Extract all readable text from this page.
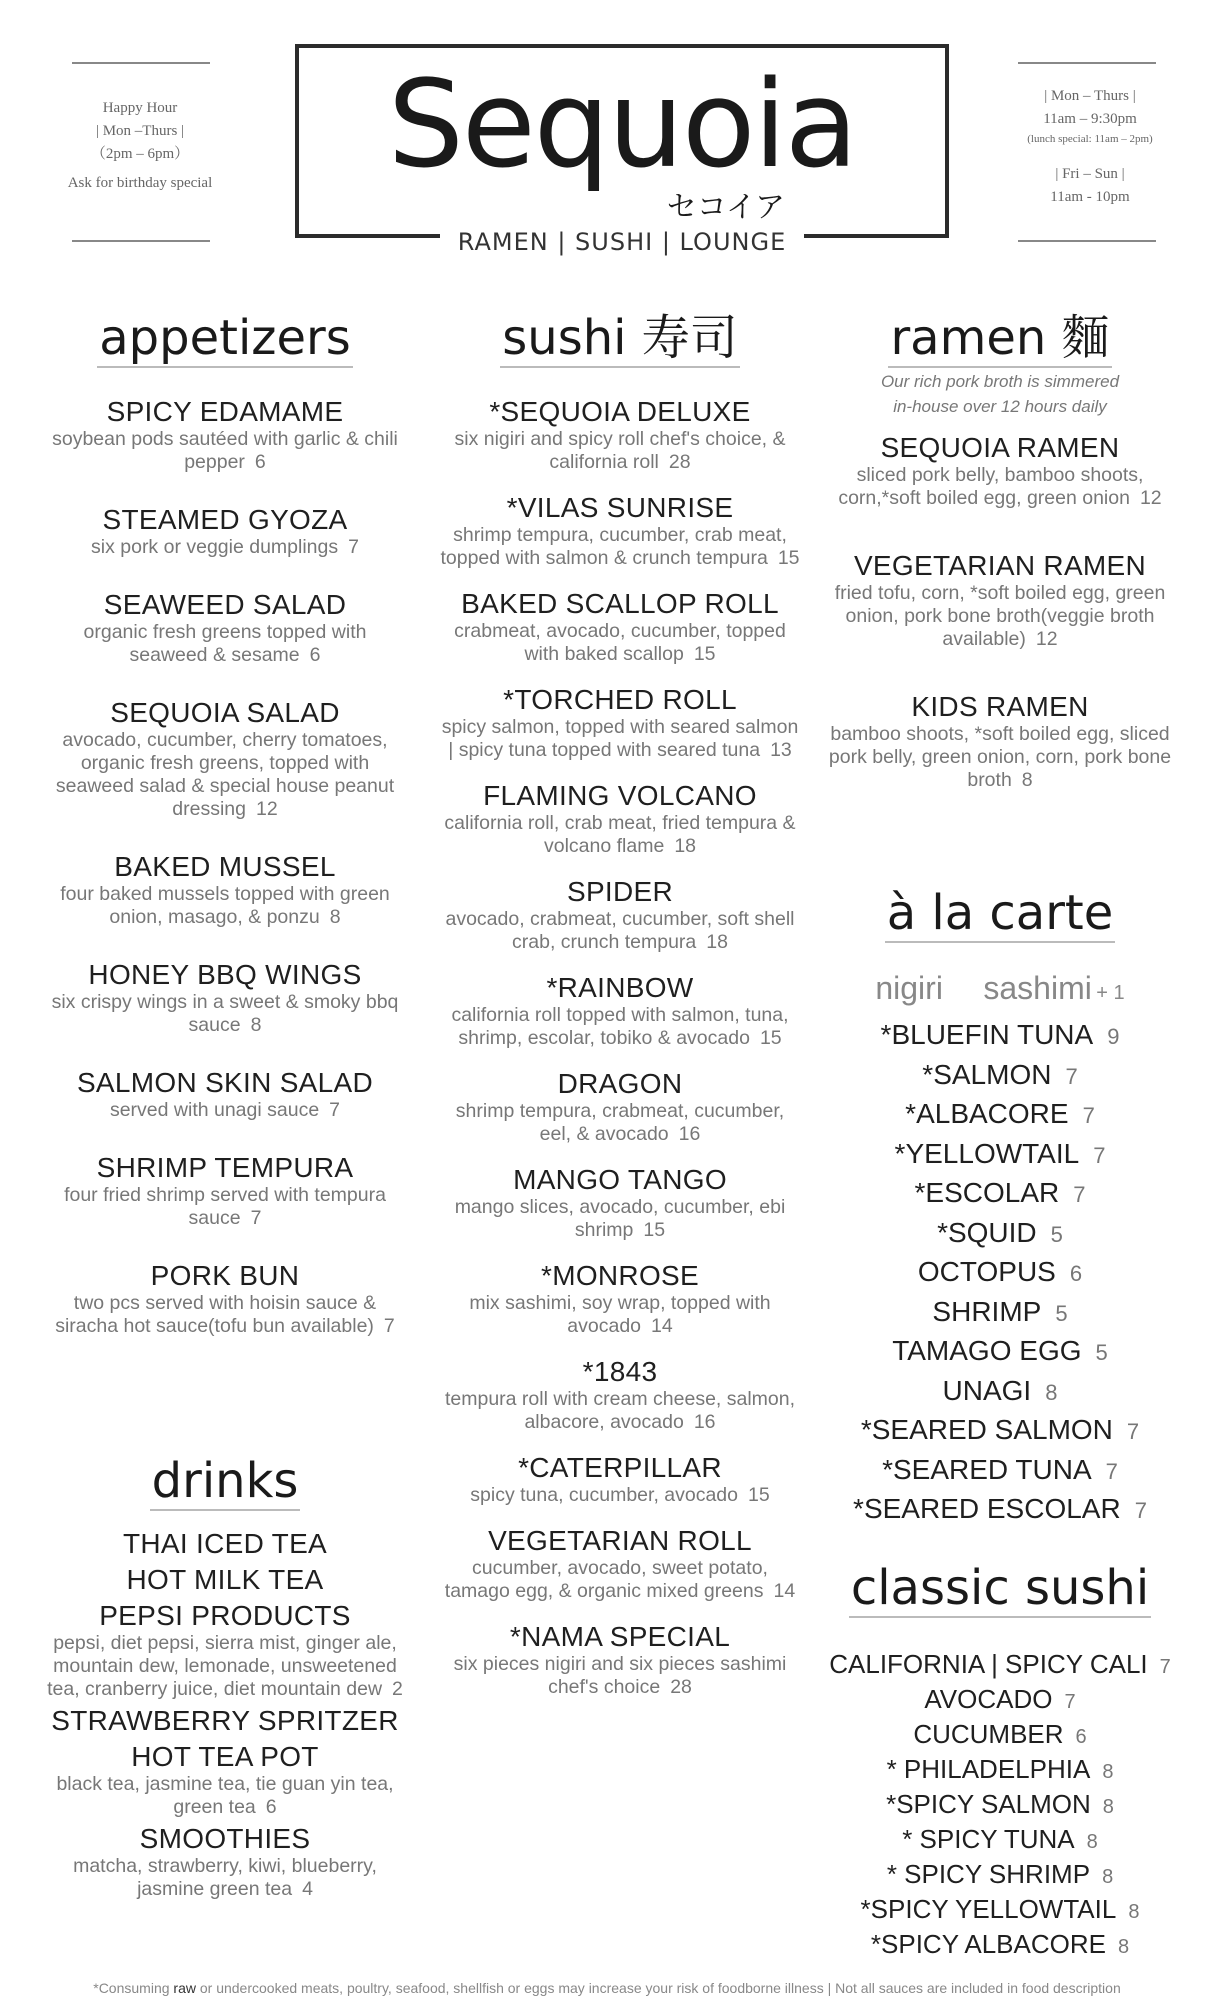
Happy Hour
| Mon –Thurs |
（2pm – 6pm）
Ask for birthday special	Sequoia
セコイア
RAMEN | SUSHI | LOUNGE
| Mon – Thurs |
11am – 9:30pm
(lunch special: 11am – 2pm)
| Fri – Sun |
11am - 10pm
appetizers	sushi 寿司	ramen 麵
drinks
à la carte
classic sushi
SPICY EDAMAME
soybean pods sautéed with garlic & chili pepper 6
STEAMED GYOZA
six pork or veggie dumplings 7
SEAWEED SALAD
organic fresh greens topped with seaweed & sesame 6
SEQUOIA SALAD
avocado, cucumber, cherry tomatoes, organic fresh greens, topped with seaweed salad & special house peanut dressing 12
BAKED MUSSEL
four baked mussels topped with green onion, masago, & ponzu 8
HONEY BBQ WINGS
six crispy wings in a sweet & smoky bbq sauce 8
SALMON SKIN SALAD
served with unagi sauce 7
SHRIMP TEMPURA
four fried shrimp served with tempura sauce 7
PORK BUN
two pcs served with hoisin sauce & siracha hot sauce(tofu bun available) 7
THAI ICED TEA
HOT MILK TEA
PEPSI PRODUCTS
pepsi, diet pepsi, sierra mist, ginger ale, mountain dew, lemonade, unsweetened tea, cranberry juice, diet mountain dew 2
STRAWBERRY SPRITZER
HOT TEA POT
black tea, jasmine tea, tie guan yin tea, green tea 6
SMOOTHIES
matcha, strawberry, kiwi, blueberry, jasmine green tea 4
*SEQUOIA DELUXE
six nigiri and spicy roll chef's choice, & california roll 28
*VILAS SUNRISE
shrimp tempura, cucumber, crab meat, topped with salmon & crunch tempura 15
BAKED SCALLOP ROLL
crabmeat, avocado, cucumber, topped with baked scallop 15
*TORCHED ROLL
spicy salmon, topped with seared salmon | spicy tuna topped with seared tuna 13
FLAMING VOLCANO
california roll, crab meat, fried tempura & volcano flame 18
SPIDER
avocado, crabmeat, cucumber, soft shell crab, crunch tempura 18
*RAINBOW
california roll topped with salmon, tuna, shrimp, escolar, tobiko & avocado 15
DRAGON
shrimp tempura, crabmeat, cucumber, eel, & avocado 16
MANGO TANGO
mango slices, avocado, cucumber, ebi shrimp 15
*MONROSE
mix sashimi, soy wrap, topped with avocado 14
*1843
tempura roll with cream cheese, salmon, albacore, avocado 16
*CATERPILLAR
spicy tuna, cucumber, avocado 15
VEGETARIAN ROLL
cucumber, avocado, sweet potato, tamago egg, & organic mixed greens 14
*NAMA SPECIAL
six pieces nigiri and six pieces sashimi chef's choice 28
Our rich pork broth is simmered
in-house over 12 hours daily
SEQUOIA RAMEN
sliced pork belly, bamboo shoots, corn,*soft boiled egg, green onion 12
VEGETARIAN RAMEN
fried tofu, corn, *soft boiled egg, green onion, pork bone broth(veggie broth available) 12
KIDS RAMEN
bamboo shoots, *soft boiled egg, sliced pork belly, green onion, corn, pork bone broth 8
nigiri sashimi + 1
*BLUEFIN TUNA 9
*SALMON 7
*ALBACORE 7
*YELLOWTAIL 7
*ESCOLAR 7
*SQUID 5
OCTOPUS 6
SHRIMP 5
TAMAGO EGG 5
UNAGI 8
*SEARED SALMON 7
*SEARED TUNA 7
*SEARED ESCOLAR 7
CALIFORNIA | SPICY CALI 7
AVOCADO 7
CUCUMBER 6
* PHILADELPHIA 8
*SPICY SALMON 8
* SPICY TUNA 8
* SPICY SHRIMP 8
*SPICY YELLOWTAIL 8
*SPICY ALBACORE 8
*Consuming raw or undercooked meats, poultry, seafood, shellfish or eggs may increase your risk of foodborne illness | Not all sauces are included in food description
